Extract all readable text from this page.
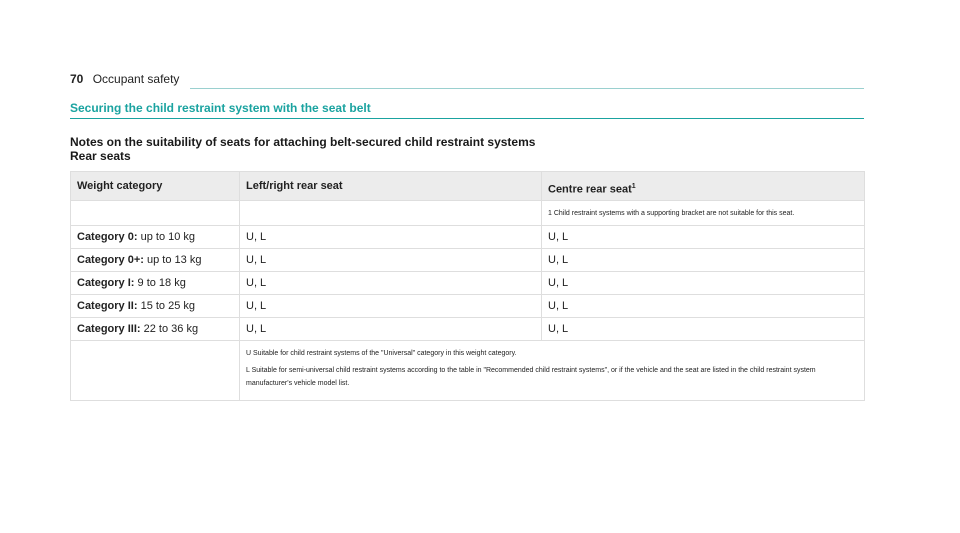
70 Occupant safety
Securing the child restraint system with the seat belt
Notes on the suitability of seats for attaching belt-secured child restraint systems
Rear seats
Weight category	Left/right rear seat	Centre rear seat$^1$
		1 Child restraint systems with a supporting bracket are not suitable for this seat.
Category 0: up to 10 kg	U, L	U, L
Category 0+: up to 13 kg	U, L	U, L
Category I: 9 to 18 kg	U, L	U, L
Category II: 15 to 25 kg	U, L	U, L
Category III: 22 to 36 kg	U, L	U, L

	U Suitable for child restraint systems of the "Universal" category in this weight category.

L Suitable for semi-universal child restraint systems according to the table in "Recommended child restraint systems", or if the vehicle and the seat are listed in the child restraint system manufacturer's vehicle model list.	
